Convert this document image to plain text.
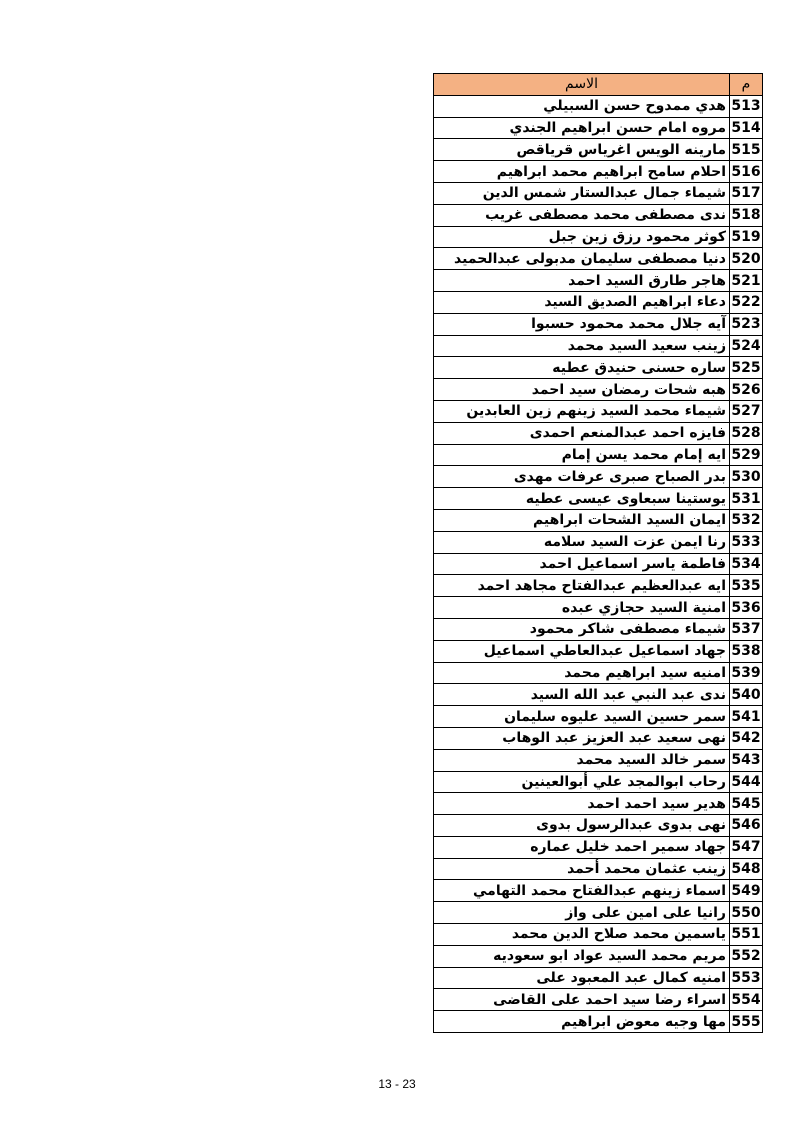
م	الاسم
513	هدي ممدوح حسن السبيلي
514	مروه امام حسن ابراهيم الجندي
515	مارينه الويس اغرياس قرياقص
516	احلام سامح ابراهيم محمد ابراهيم
517	شيماء جمال عبدالستار شمس الدين
518	ندى مصطفى محمد مصطفى غريب
519	كوثر محمود رزق زين جبل
520	دنيا مصطفى سليمان مدبولى عبدالحميد
521	هاجر طارق السيد احمد
522	دعاء ابراهيم الصديق السيد
523	آيه جلال محمد محمود حسبوا
524	زينب سعيد السيد محمد
525	ساره حسنى حنيدق عطيه
526	هبه شحات رمضان سيد احمد
527	شيماء محمد السيد زينهم زين العابدين
528	فايزه احمد عبدالمنعم احمدى
529	ايه إمام محمد يسن إمام
530	بدر الصباح صبرى عرفات مهدى
531	يوستينا سبعاوى عيسى عطيه
532	ايمان السيد الشحات ابراهيم
533	رنا ايمن عزت السيد سلامه
534	فاطمة ياسر اسماعيل احمد
535	ايه عبدالعظيم عبدالفتاح مجاهد احمد
536	امنية السيد حجازي عبده
537	شيماء مصطفى شاكر محمود
538	جهاد اسماعيل عبدالعاطي اسماعيل
539	امنيه سيد ابراهيم محمد
540	ندى عبد النبي عبد الله السيد
541	سمر حسين السيد عليوه سليمان
542	نهى سعيد عبد العزيز عبد الوهاب
543	سمر خالد السيد محمد
544	رحاب ابوالمجد علي أبوالعينين
545	هدير سيد احمد احمد
546	نهى بدوى عبدالرسول بدوى
547	جهاد سمير احمد خليل عماره
548	زينب عثمان محمد أحمد
549	اسماء زينهم عبدالفتاح محمد التهامي
550	رانيا على امين على واز
551	ياسمين محمد صلاح الدين محمد
552	مريم محمد السيد عواد ابو سعوديه
553	امنيه كمال عبد المعبود على
554	اسراء رضا سيد احمد على القاضى
555	مها وجيه معوض ابراهيم
13 - 23
